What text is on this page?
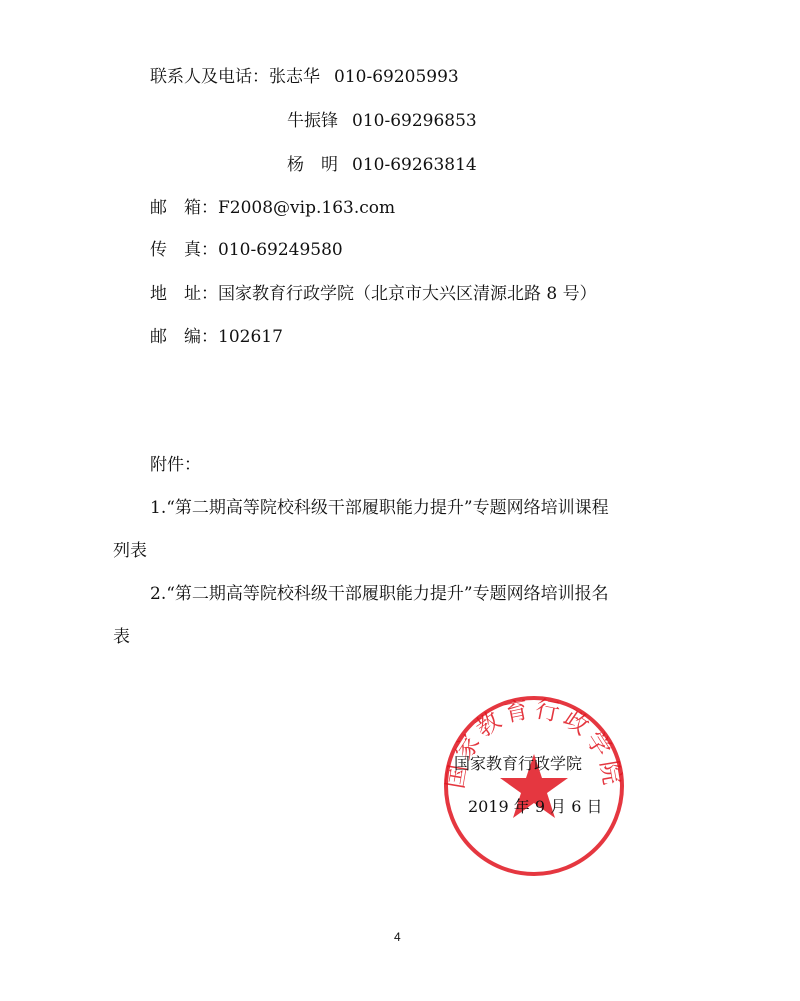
联系人及电话：张志华 010-69205993
牛振锋 010-69296853
杨　明 010-69263814
邮　箱：F2008@vip.163.com
传　真：010-69249580
地　址：国家教育行政学院（北京市大兴区清源北路 8 号）
邮　编：102617
附件：
1.“第二期高等院校科级干部履职能力提升”专题网络培训课程
列表
2.“第二期高等院校科级干部履职能力提升”专题网络培训报名
表
国家教育行政学院
国家教育行政学院
2019 年 9 月 6 日
4
